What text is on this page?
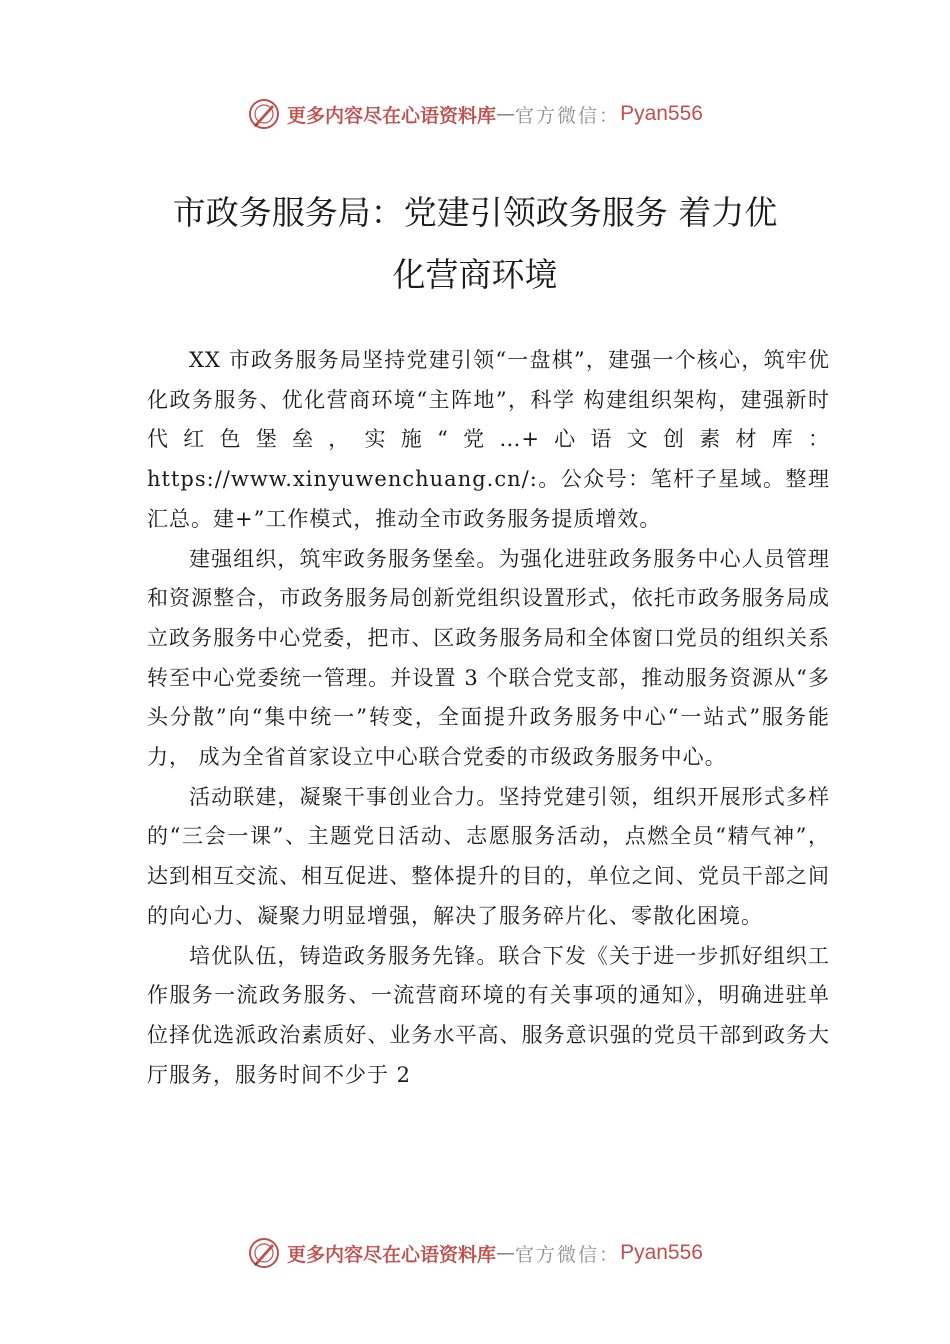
更多内容尽在心语资料库 — 官方微信： Pyan556
市政务服务局：党建引领政务服务 着力优
化营商环境

XX 市政务服务局坚持党建引领“一盘棋”，建强一个核心，筑牢优化政务服务、优化营商环境“主阵地”，科学 构建组织架构，建强新时代红色堡垒，实施“党…+心语文创素材库：https://www.xinyuwenchuang.cn/:。公众号：笔杆子星域。整理汇总。建+”工作模式，推动全市政务服务提质增效。

建强组织，筑牢政务服务堡垒。为强化进驻政务服务中心人员管理和资源整合，市政务服务局创新党组织设置形式，依托市政务服务局成立政务服务中心党委，把市、区政务服务局和全体窗口党员的组织关系转至中心党委统一管理。并设置 3 个联合党支部，推动服务资源从“多头分散”向“集中统一”转变，全面提升政务服务中心“一站式”服务能力， 成为全省首家设立中心联合党委的市级政务服务中心。

活动联建，凝聚干事创业合力。坚持党建引领，组织开展形式多样的“三会一课”、主题党日活动、志愿服务活动，点燃全员“精气神”，达到相互交流、相互促进、整体提升的目的，单位之间、党员干部之间的向心力、凝聚力明显增强，解决了服务碎片化、零散化困境。

培优队伍，铸造政务服务先锋。联合下发《关于进一步抓好组织工作服务一流政务服务、一流营商环境的有关事项的通知》，明确进驻单位择优选派政治素质好、业务水平高、服务意识强的党员干部到政务大厅服务，服务时间不少于 2

更多内容尽在心语资料库 — 官方微信： Pyan556
